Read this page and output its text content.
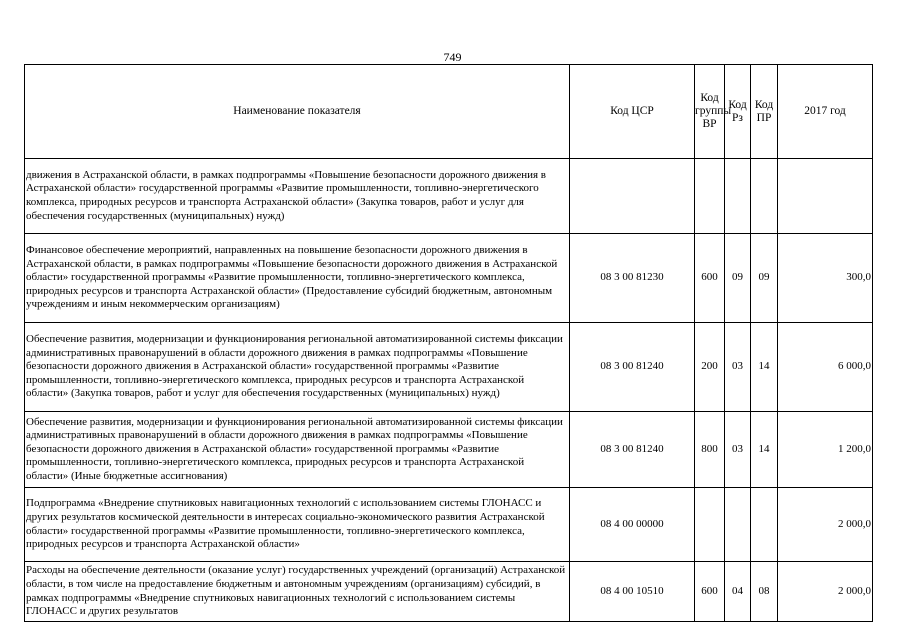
749
Наименование показателя	Код ЦСР	Код группы ВР	Код Рз	Код ПР	2017 год
движения в Астраханской области, в рамках подпрограммы «Повышение безопасности дорожного движения в Астраханской области» государственной программы «Развитие промышленности, топливно-энергетического комплекса, природных ресурсов и транспорта Астраханской области» (Закупка товаров, работ и услуг для обеспечения государственных (муниципальных) нужд)					
Финансовое обеспечение мероприятий, направленных на повышение безопасности дорожного движения в Астраханской области, в рамках подпрограммы «Повышение безопасности дорожного движения в Астраханской области» государственной программы «Развитие промышленности, топливно-энергетического комплекса, природных ресурсов и транспорта Астраханской области» (Предоставление субсидий бюджетным, автономным учреждениям и иным некоммерческим организациям)	08 3 00 81230	600	09	09	300,0
Обеспечение развития, модернизации и функционирования региональной автоматизированной системы фиксации административных правонарушений в области дорожного движения в рамках подпрограммы «Повышение безопасности дорожного движения в Астраханской области» государственной программы «Развитие промышленности, топливно-энергетического комплекса, природных ресурсов и транспорта Астраханской области» (Закупка товаров, работ и услуг для обеспечения государственных (муниципальных) нужд)	08 3 00 81240	200	03	14	6 000,0
Обеспечение развития, модернизации и функционирования региональной автоматизированной системы фиксации административных правонарушений в области дорожного движения в рамках подпрограммы «Повышение безопасности дорожного движения в Астраханской области» государственной программы «Развитие промышленности, топливно-энергетического комплекса, природных ресурсов и транспорта Астраханской области» (Иные бюджетные ассигнования)	08 3 00 81240	800	03	14	1 200,0
Подпрограмма «Внедрение спутниковых навигационных технологий с использованием системы ГЛОНАСС и других результатов космической деятельности в интересах социально-экономического развития Астраханской области» государственной программы «Развитие промышленности, топливно-энергетического комплекса, природных ресурсов и транспорта Астраханской области»	08 4 00 00000				2 000,0
Расходы на обеспечение деятельности (оказание услуг) государственных учреждений (организаций) Астраханской области, в том числе на предоставление бюджетным и автономным учреждениям (организациям) субсидий, в рамках подпрограммы «Внедрение спутниковых навигационных технологий с использованием системы ГЛОНАСС и других результатов	08 4 00 10510	600	04	08	2 000,0
